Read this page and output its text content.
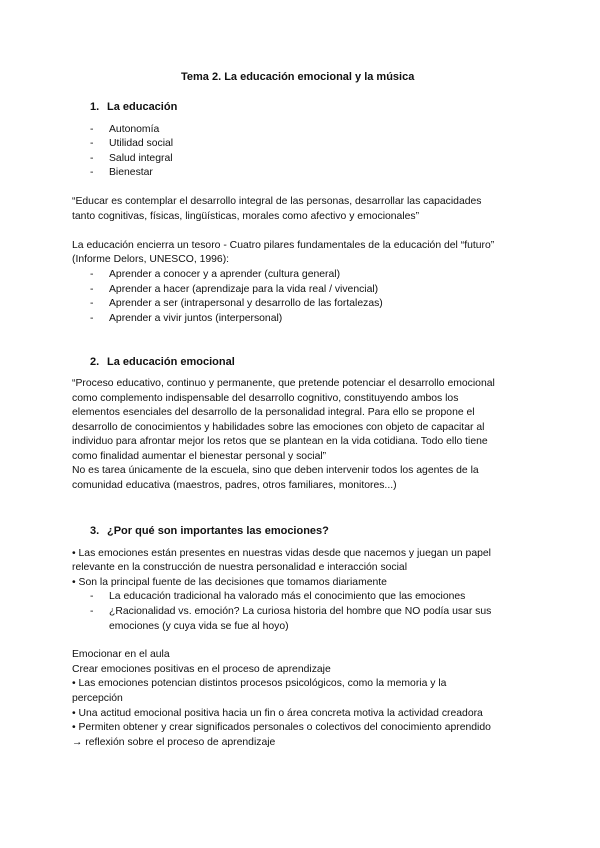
Tema 2. La educación emocional y la música
1. La educación
- Autonomía
- Utilidad social
- Salud integral
- Bienestar
“Educar es contemplar el desarrollo integral de las personas, desarrollar las capacidades
tanto cognitivas, físicas, lingüísticas, morales como afectivo y emocionales”
La educación encierra un tesoro - Cuatro pilares fundamentales de la educación del “futuro”
(Informe Delors, UNESCO, 1996):
- Aprender a conocer y a aprender (cultura general)
- Aprender a hacer (aprendizaje para la vida real / vivencial)
- Aprender a ser (intrapersonal y desarrollo de las fortalezas)
- Aprender a vivir juntos (interpersonal)
2. La educación emocional
“Proceso educativo, continuo y permanente, que pretende potenciar el desarrollo emocional
como complemento indispensable del desarrollo cognitivo, constituyendo ambos los
elementos esenciales del desarrollo de la personalidad integral. Para ello se propone el
desarrollo de conocimientos y habilidades sobre las emociones con objeto de capacitar al
individuo para afrontar mejor los retos que se plantean en la vida cotidiana. Todo ello tiene
como finalidad aumentar el bienestar personal y social”
No es tarea únicamente de la escuela, sino que deben intervenir todos los agentes de la
comunidad educativa (maestros, padres, otros familiares, monitores...)
3. ¿Por qué son importantes las emociones?
• Las emociones están presentes en nuestras vidas desde que nacemos y juegan un papel
relevante en la construcción de nuestra personalidad e interacción social
• Son la principal fuente de las decisiones que tomamos diariamente
- La educación tradicional ha valorado más el conocimiento que las emociones
- ¿Racionalidad vs. emoción? La curiosa historia del hombre que NO podía usar sus
emociones (y cuya vida se fue al hoyo)
Emocionar en el aula
Crear emociones positivas en el proceso de aprendizaje
• Las emociones potencian distintos procesos psicológicos, como la memoria y la
percepción
• Una actitud emocional positiva hacia un fin o área concreta motiva la actividad creadora
• Permiten obtener y crear significados personales o colectivos del conocimiento aprendido
→ reflexión sobre el proceso de aprendizaje
